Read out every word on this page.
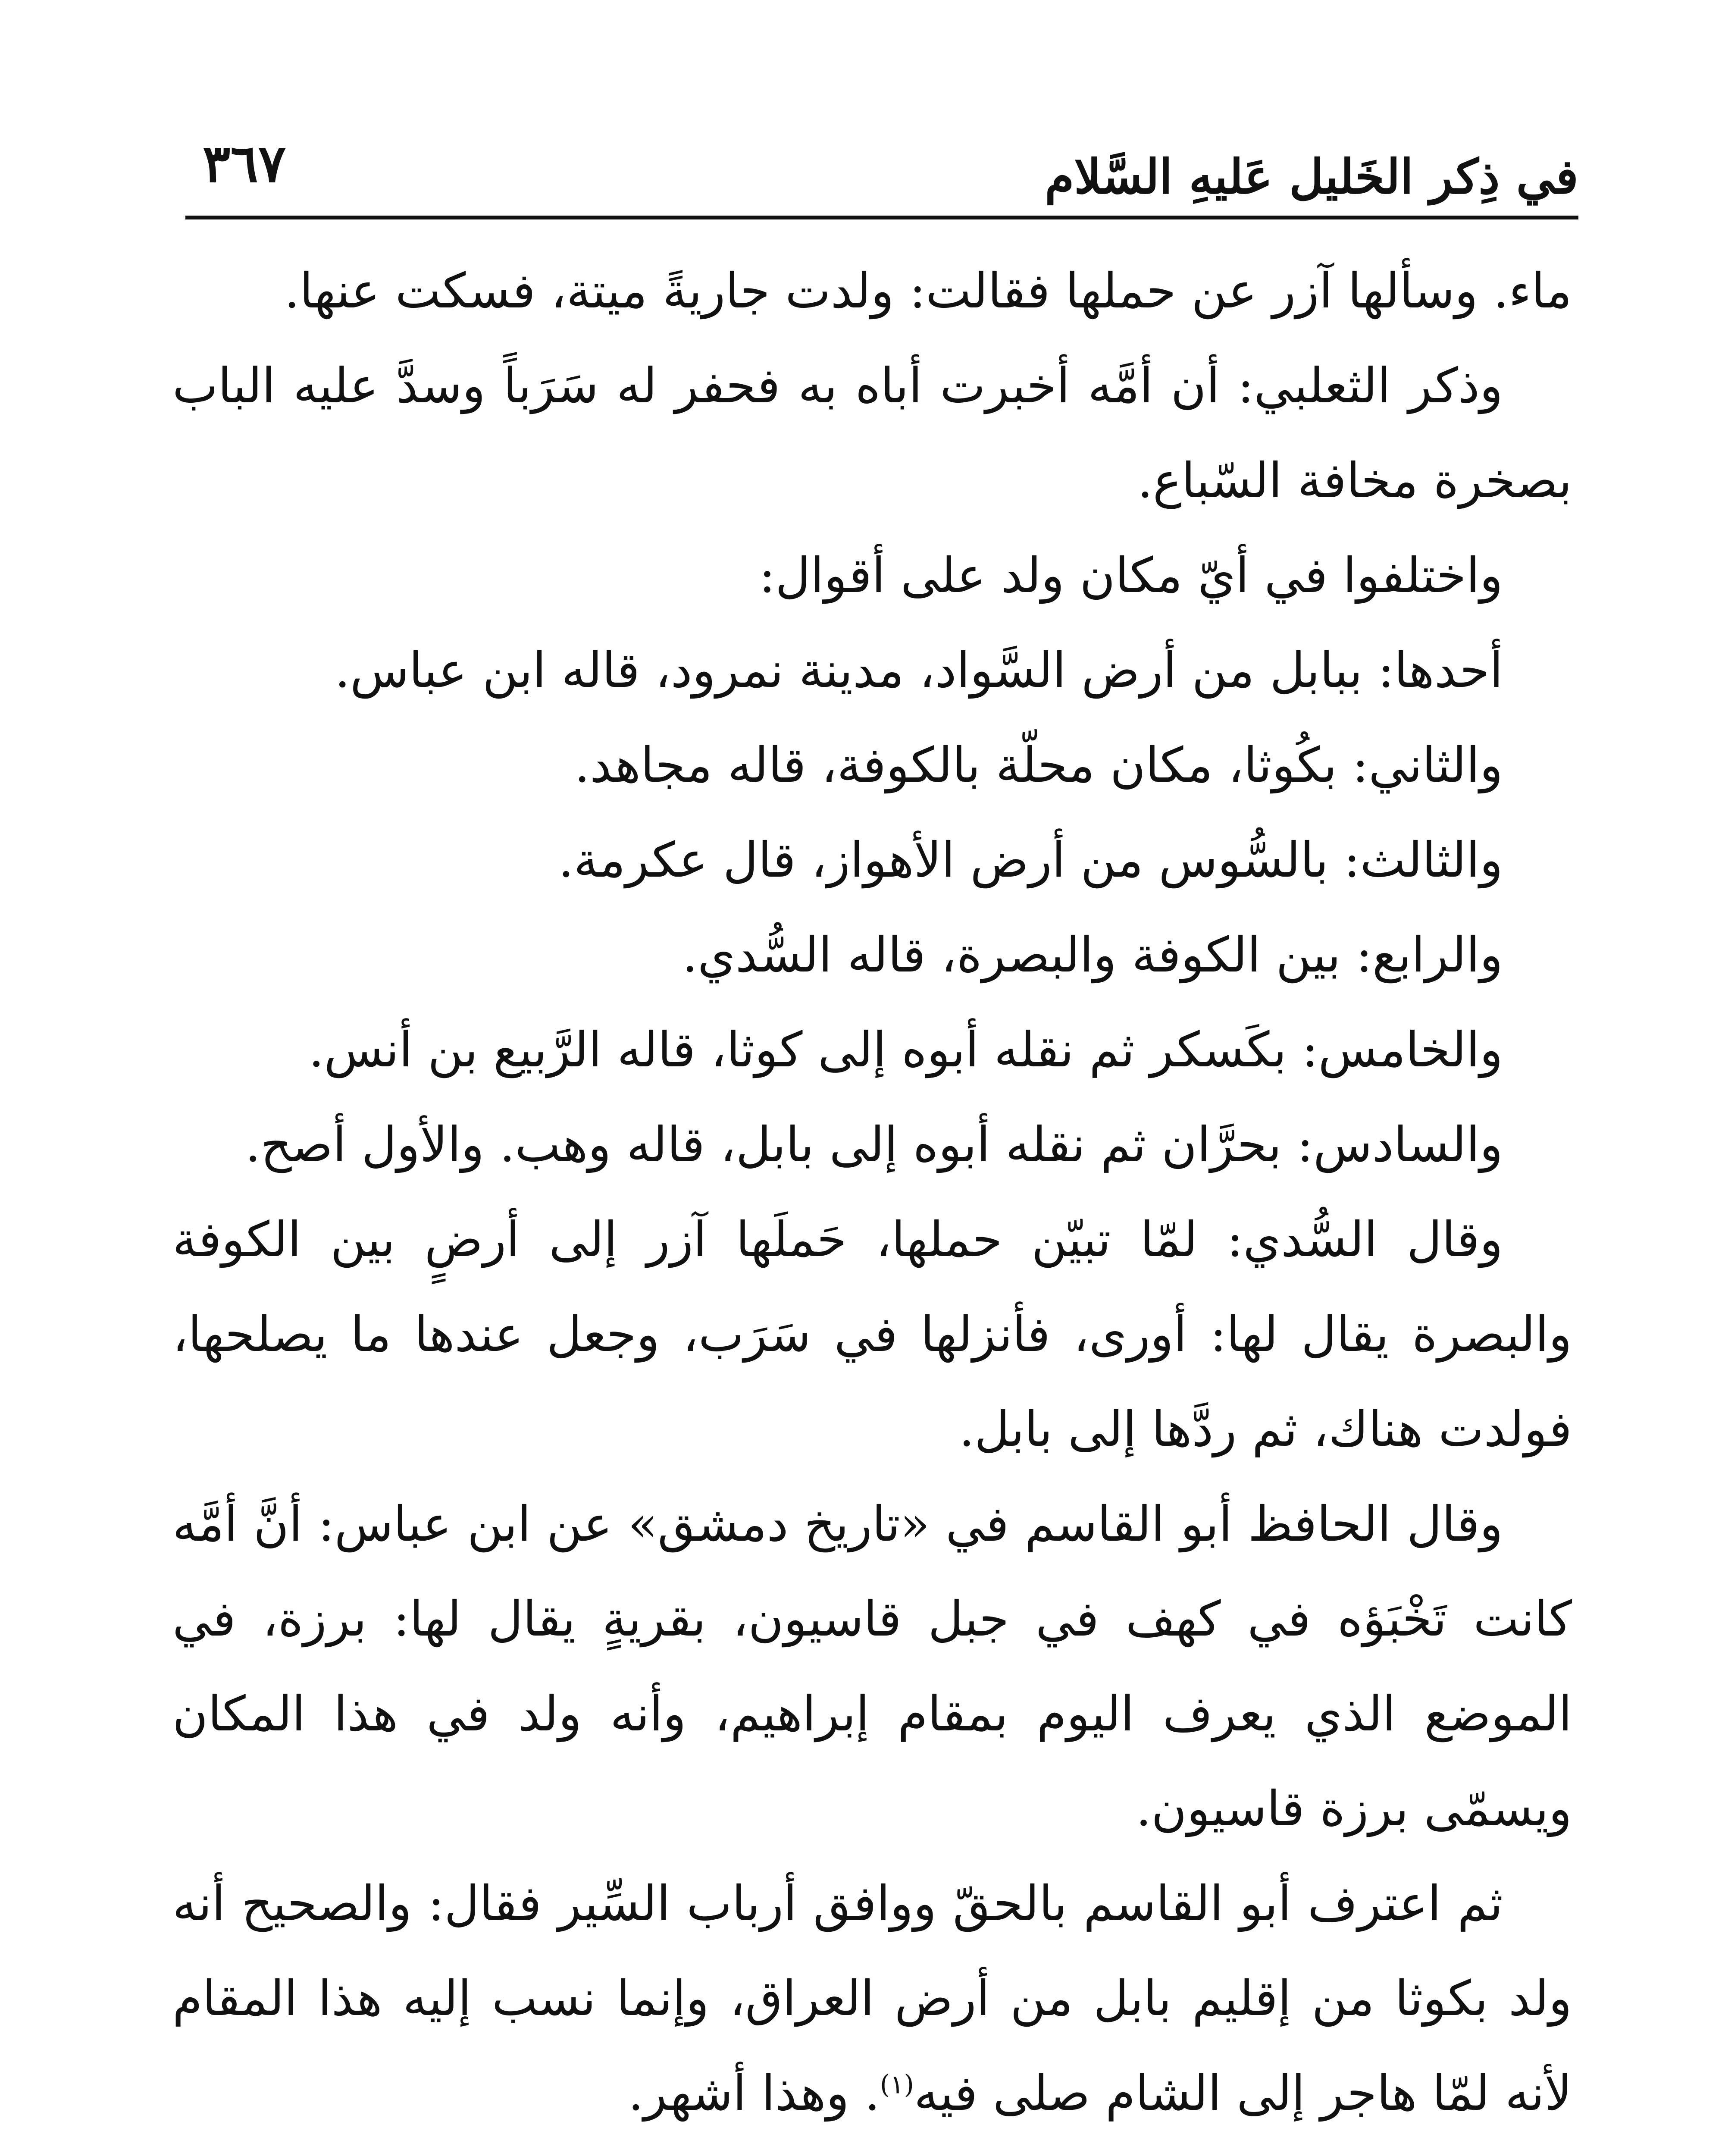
في ذِكر الخَليل عَليهِ السَّلام
٣٦٧

ماء. وسألها آزر عن حملها فقالت: ولدت جاريةً ميتة، فسكت عنها.

وذكر الثعلبي: أن أمَّه أخبرت أباه به فحفر له سَرَباً وسدَّ عليه الباب بصخرة مخافة السّباع.

واختلفوا في أيّ مكان ولد على أقوال:

أحدها: ببابل من أرض السَّواد، مدينة نمرود، قاله ابن عباس.

والثاني: بكُوثا، مكان محلّة بالكوفة، قاله مجاهد.

والثالث: بالسُّوس من أرض الأهواز، قال عكرمة.

والرابع: بين الكوفة والبصرة، قاله السُّدي.

والخامس: بكَسكر ثم نقله أبوه إلى كوثا، قاله الرَّبيع بن أنس.

والسادس: بحرَّان ثم نقله أبوه إلى بابل، قاله وهب. والأول أصح.

وقال السُّدي: لمّا تبيّن حملها، حَملَها آزر إلى أرضٍ بين الكوفة والبصرة يقال لها: أورى، فأنزلها في سَرَب، وجعل عندها ما يصلحها، فولدت هناك، ثم ردَّها إلى بابل.

وقال الحافظ أبو القاسم في «تاريخ دمشق» عن ابن عباس: أنَّ أمَّه كانت تَخْبَؤه في كهف في جبل قاسيون، بقريةٍ يقال لها: برزة، في الموضع الذي يعرف اليوم بمقام إبراهيم، وأنه ولد في هذا المكان ويسمّى برزة قاسيون.

ثم اعترف أبو القاسم بالحقّ ووافق أرباب السِّير فقال: والصحيح أنه ولد بكوثا من إقليم بابل من أرض العراق، وإنما نسب إليه هذا المقام لأنه لمّا هاجر إلى الشام صلى فيه$^{(١)}$. وهذا أشهر.
